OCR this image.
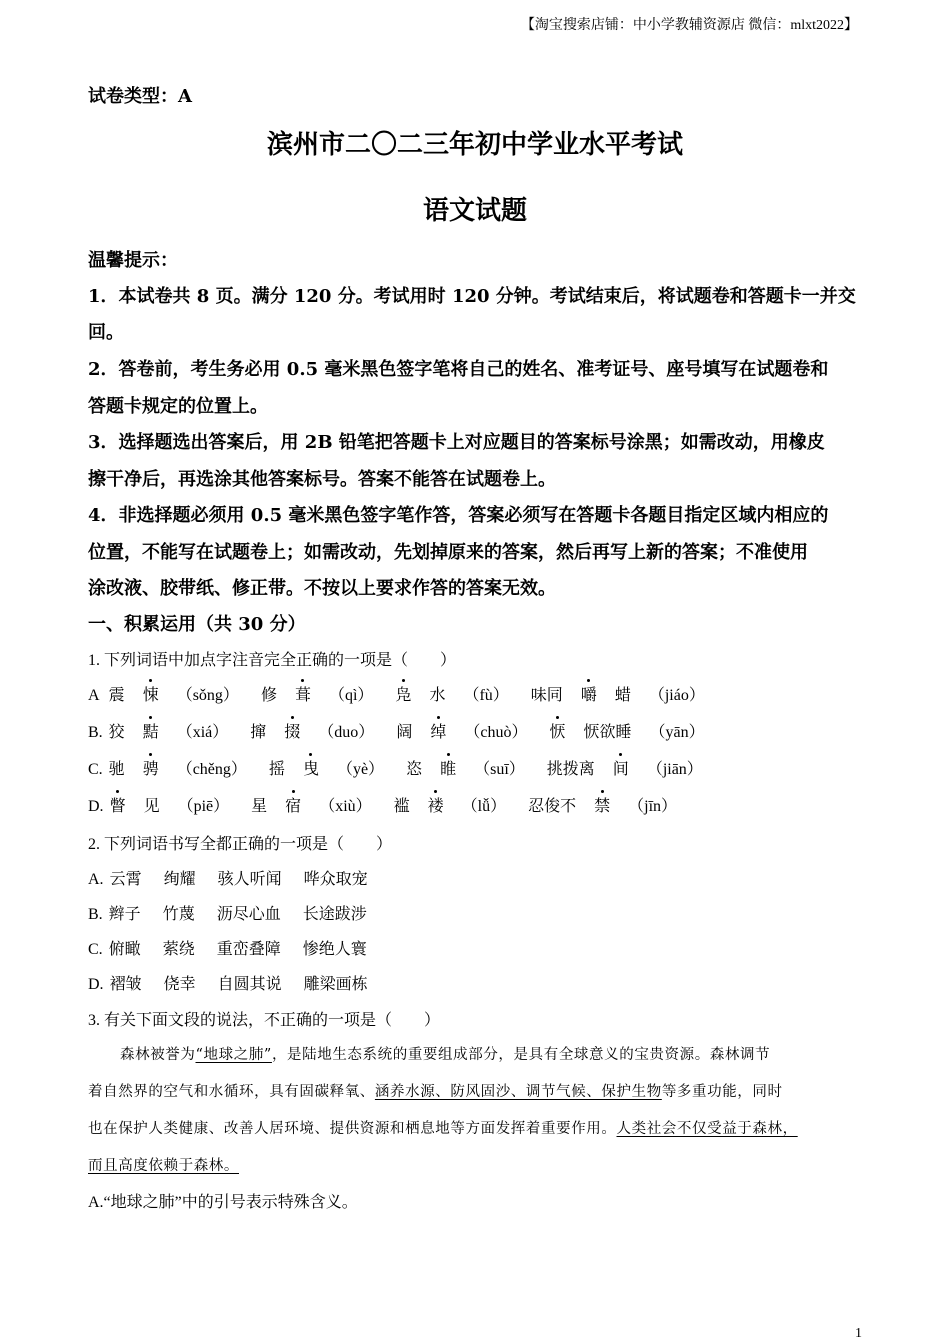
【淘宝搜索店铺：中小学教辅资源店 微信：mlxt2022】
试卷类型：A
滨州市二〇二三年初中学业水平考试
语文试题
温馨提示：
1．本试卷共 8 页。满分 120 分。考试用时 120 分钟。考试结束后，将试题卷和答题卡一并交
回。
2．答卷前，考生务必用 0.5 毫米黑色签字笔将自己的姓名、准考证号、座号填写在试题卷和
答题卡规定的位置上。
3．选择题选出答案后，用 2B 铅笔把答题卡上对应题目的答案标号涂黑；如需改动，用橡皮
擦干净后，再选涂其他答案标号。答案不能答在试题卷上。
4．非选择题必须用 0.5 毫米黑色签字笔作答，答案必须写在答题卡各题目指定区域内相应的
位置，不能写在试题卷上；如需改动，先划掉原来的答案，然后再写上新的答案；不准使用
涂改液、胶带纸、修正带。不按以上要求作答的答案无效。
一、积累运用（共 30 分）
1. 下列词语中加点字注音完全正确的一项是（　　）
A 震 悚 （sǒng） 修 葺 （qì） 凫 水 （fù） 味同 嚼 蜡 （jiáo）
B. 狡 黠 （xiá） 撺 掇 （duo） 阔 绰 （chuò） 恹 恹欲睡 （yān）
C. 驰 骋 （chěng） 摇 曳 （yè） 恣 睢 （suī） 挑拨离 间 （jiān）
D. 瞥 见 （piē） 星 宿 （xiù） 褴 褛 （lǚ） 忍俊不 禁 （jīn）
2. 下列词语书写全都正确的一项是（　　）
A. 云霄 绚耀 骇人听闻 哗众取宠
B. 辫子 竹蔑 沥尽心血 长途跋涉
C. 俯瞰 萦绕 重峦叠障 惨绝人寰
D. 褶皱 侥幸 自圆其说 雕梁画栋
3. 有关下面文段的说法，不正确的一项是（　　）
森林被誉为“地球之肺”，是陆地生态系统的重要组成部分，是具有全球意义的宝贵资源。森林调节
着自然界的空气和水循环，具有固碳释氧、涵养水源、防风固沙、调节气候、保护生物等多重功能，同时
也在保护人类健康、改善人居环境、提供资源和栖息地等方面发挥着重要作用。人类社会不仅受益于森林，
而且高度依赖于森林。
A.“地球之肺”中的引号表示特殊含义。
1
